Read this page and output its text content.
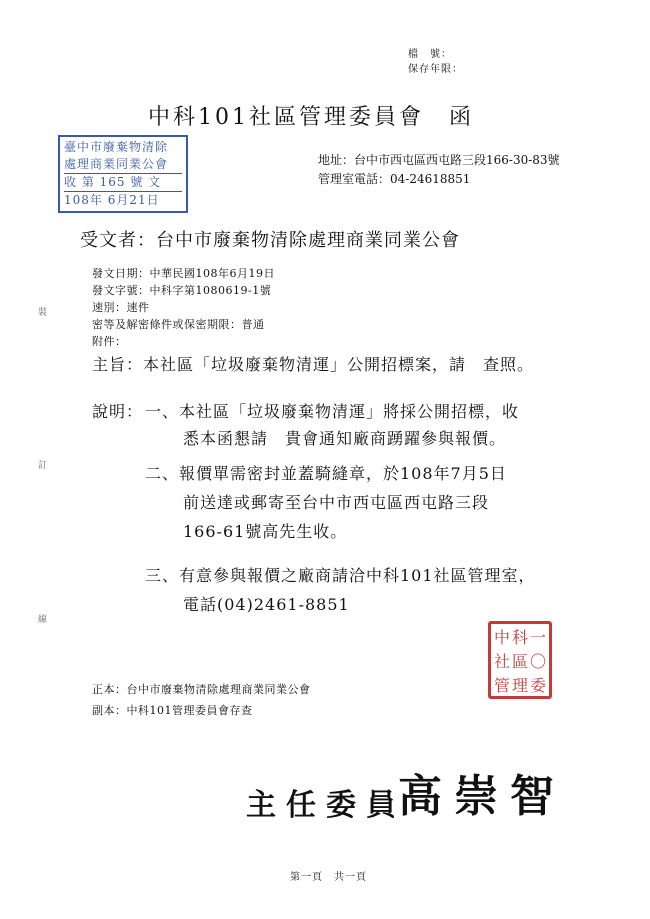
檔　號：
保存年限：
中科101社區管理委員會　函
臺中市廢棄物清除
處理商業同業公會
收 第 165 號 文
108年 6月21日
地址：台中市西屯區西屯路三段166-30-83號
管理室電話：04-24618851
受文者：台中市廢棄物清除處理商業同業公會
發文日期：中華民國108年6月19日
發文字號：中科字第1080619-1號
速別：速件
密等及解密條件或保密期限：普通
附件：
主旨：本社區「垃圾廢棄物清運」公開招標案，請　查照。
說明： 一、本社區「垃圾廢棄物清運」將採公開招標，收
悉本函懇請　貴會通知廠商踴躍參與報價。
二、報價單需密封並蓋騎縫章，於108年7月5日
前送達或郵寄至台中市西屯區西屯路三段
166-61號高先生收。
三、有意參與報價之廠商請洽中科101社區管理室，
電話(04)2461-8851
中 科 一
社 區 〇
管 理 委
正本：台中市廢棄物清除處理商業同業公會
副本：中科101管理委員會存查
主任委員
高崇智
裝
訂
線
第一頁　共一頁
